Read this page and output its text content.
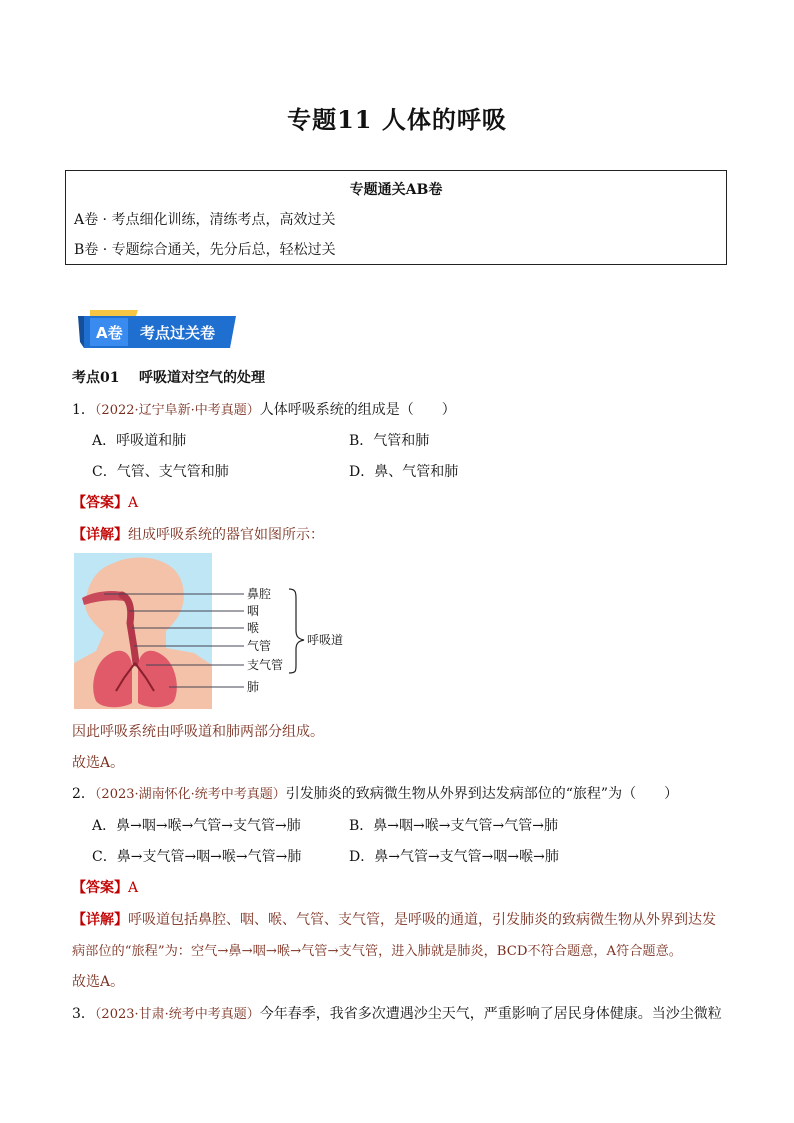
专题11 人体的呼吸
专题通关AB卷
A卷 · 考点细化训练，清练考点，高效过关
B卷 · 专题综合通关，先分后总，轻松过关
A卷 考点过关卷
考点01 呼吸道对空气的处理
1．（2022·辽宁阜新·中考真题）人体呼吸系统的组成是（　　）
A．呼吸道和肺	B．气管和肺
C．气管、支气管和肺	D．鼻、气管和肺
【答案】A
【详解】组成呼吸系统的器官如图所示：
鼻腔
咽
喉
气管
支气管
肺
呼吸道
因此呼吸系统由呼吸道和肺两部分组成。
故选A。
2．（2023·湖南怀化·统考中考真题）引发肺炎的致病微生物从外界到达发病部位的“旅程”为（　　）
A．鼻→咽→喉→气管→支气管→肺	B．鼻→咽→喉→支气管→气管→肺
C．鼻→支气管→咽→喉→气管→肺	D．鼻→气管→支气管→咽→喉→肺
【答案】A
【详解】呼吸道包括鼻腔、咽、喉、气管、支气管，是呼吸的通道，引发肺炎的致病微生物从外界到达发
病部位的“旅程”为：空气→鼻→咽→喉→气管→支气管，进入肺就是肺炎，BCD不符合题意，A符合题意。
故选A。
3．（2023·甘肃·统考中考真题）今年春季，我省多次遭遇沙尘天气，严重影响了居民身体健康。当沙尘微粒
